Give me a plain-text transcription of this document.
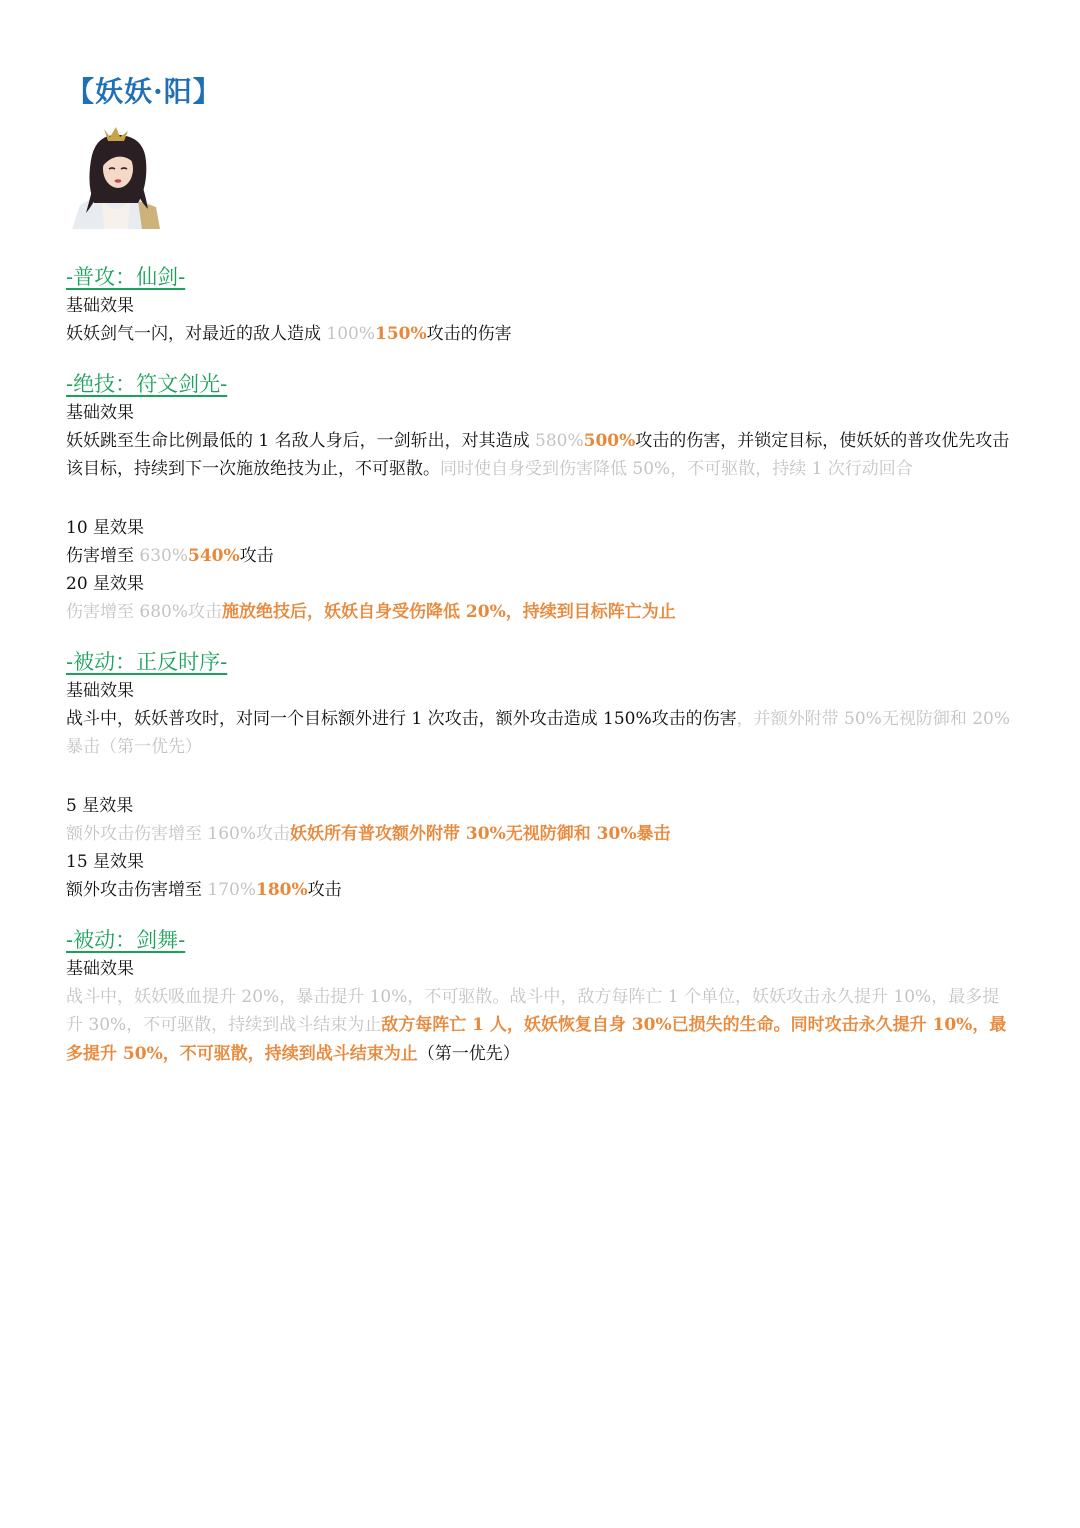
【妖妖·阳】
-普攻：仙剑-
基础效果
妖妖剑气一闪，对最近的敌人造成 100%150%攻击的伤害
-绝技：符文剑光-
基础效果
妖妖跳至生命比例最低的 1 名敌人身后，一剑斩出，对其造成 580%500%攻击的伤害，并锁定目标，使妖妖的普攻优先攻击该目标，持续到下一次施放绝技为止，不可驱散。同时使自身受到伤害降低 50%，不可驱散，持续 1 次行动回合
10 星效果
伤害增至 630%540%攻击
20 星效果
伤害增至 680%攻击施放绝技后，妖妖自身受伤降低 20%，持续到目标阵亡为止
-被动：正反时序-
基础效果
战斗中，妖妖普攻时，对同一个目标额外进行 1 次攻击，额外攻击造成 150%攻击的伤害，并额外附带 50%无视防御和 20%暴击（第一优先）
5 星效果
额外攻击伤害增至 160%攻击妖妖所有普攻额外附带 30%无视防御和 30%暴击
15 星效果
额外攻击伤害增至 170%180%攻击
-被动：剑舞-
基础效果
战斗中，妖妖吸血提升 20%，暴击提升 10%，不可驱散。战斗中，敌方每阵亡 1 个单位，妖妖攻击永久提升 10%，最多提升 30%，不可驱散，持续到战斗结束为止敌方每阵亡 1 人，妖妖恢复自身 30%已损失的生命。同时攻击永久提升 10%，最多提升 50%，不可驱散，持续到战斗结束为止（第一优先）
